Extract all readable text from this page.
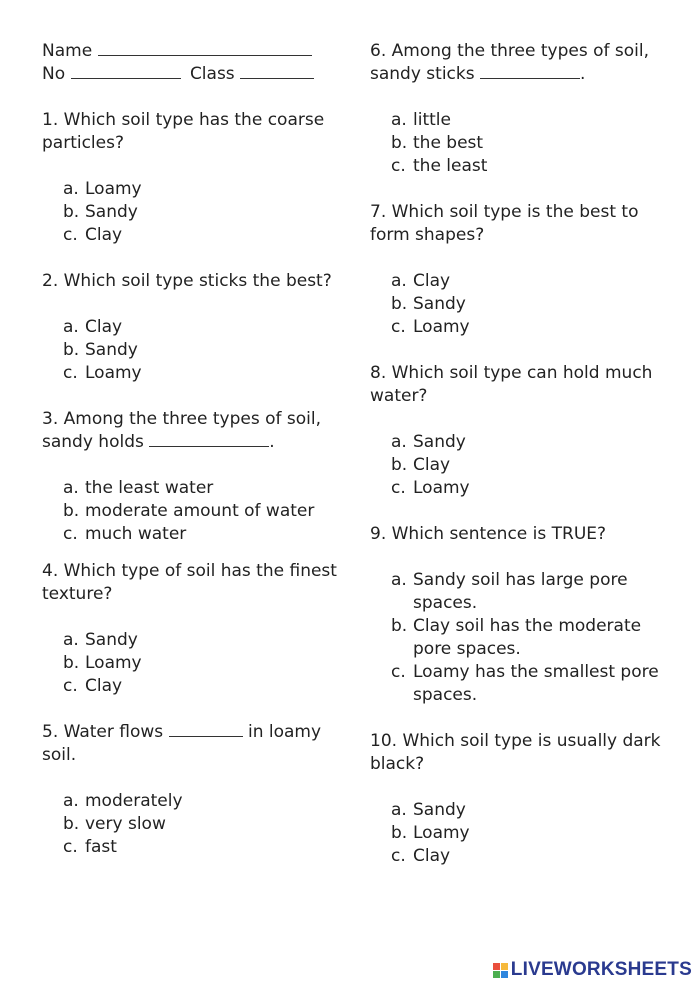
Name
No	Class
1. Which soil type has the coarse particles?
a. Loamy
b. Sandy
c. Clay
2. Which soil type sticks the best?
a. Clay
b. Sandy
c. Loamy
3. Among the three types of soil, sandy holds	.
a. the least water
b. moderate amount of water
c. much water
4. Which type of soil has the finest texture?
a. Sandy
b. Loamy
c. Clay
5. Water flows	in loamy soil.
a. moderately
b. very slow
c. fast
6. Among the three types of soil, sandy sticks	.
a. little
b. the best
c. the least
7. Which soil type is the best to form shapes?
a. Clay
b. Sandy
c. Loamy
8. Which soil type can hold much water?
a. Sandy
b. Clay
c. Loamy
9. Which sentence is TRUE?
a. Sandy soil has large pore spaces.
b. Clay soil has the moderate pore spaces.
c. Loamy has the smallest pore spaces.
10. Which soil type is usually dark black?
a. Sandy
b. Loamy
c. Clay
LIVEWORKSHEETS
